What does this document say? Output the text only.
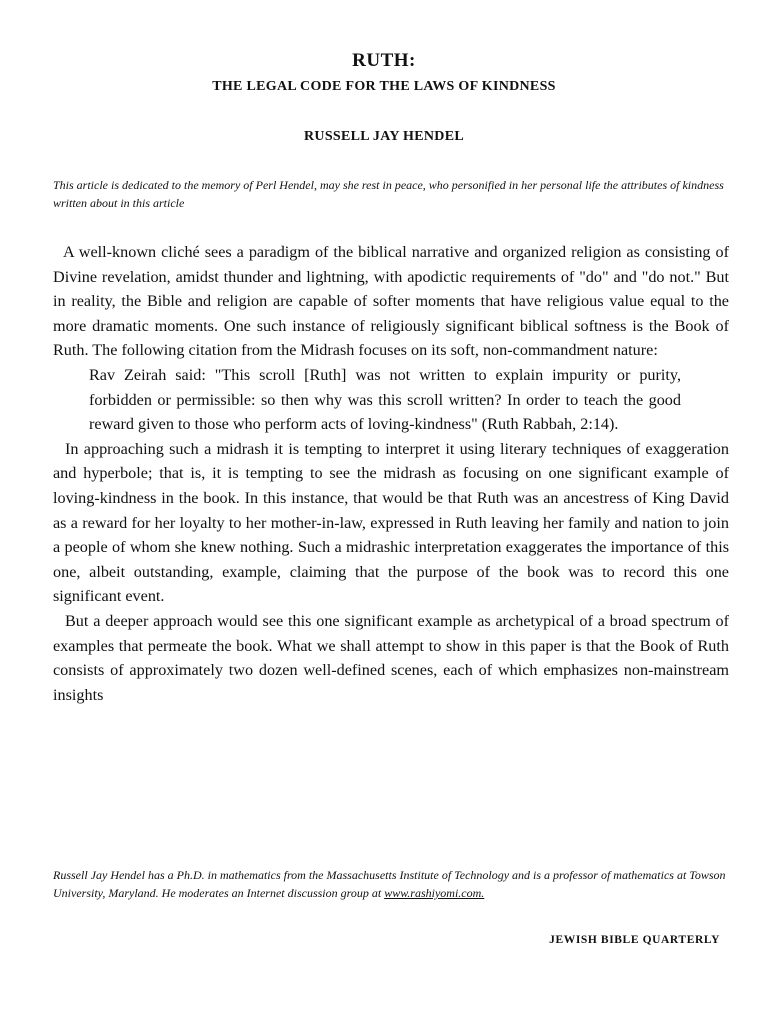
RUTH:
THE LEGAL CODE FOR THE LAWS OF KINDNESS
RUSSELL JAY HENDEL

This article is dedicated to the memory of Perl Hendel, may she rest in peace, who personified in her personal life the attributes of kindness written about in this article

A well-known cliché sees a paradigm of the biblical narrative and organized religion as consisting of Divine revelation, amidst thunder and lightning, with apodictic requirements of "do" and "do not." But in reality, the Bible and religion are capable of softer moments that have religious value equal to the more dramatic moments. One such instance of religiously significant biblical softness is the Book of Ruth. The following citation from the Midrash focuses on its soft, non-commandment nature:

Rav Zeirah said: "This scroll [Ruth] was not written to explain impurity or purity, forbidden or permissible: so then why was this scroll written? In order to teach the good reward given to those who perform acts of loving-kindness" (Ruth Rabbah, 2:14).

In approaching such a midrash it is tempting to interpret it using literary techniques of exaggeration and hyperbole; that is, it is tempting to see the midrash as focusing on one significant example of loving-kindness in the book. In this instance, that would be that Ruth was an ancestress of King David as a reward for her loyalty to her mother-in-law, expressed in Ruth leaving her family and nation to join a people of whom she knew nothing. Such a midrashic interpretation exaggerates the importance of this one, albeit outstanding, example, claiming that the purpose of the book was to record this one significant event.

But a deeper approach would see this one significant example as archetypical of a broad spectrum of examples that permeate the book. What we shall attempt to show in this paper is that the Book of Ruth consists of approximately two dozen well-defined scenes, each of which emphasizes non-mainstream insights

Russell Jay Hendel has a Ph.D. in mathematics from the Massachusetts Institute of Technology and is a professor of mathematics at Towson University, Maryland. He moderates an Internet discussion group at www.rashiyomi.com.

JEWISH BIBLE QUARTERLY
